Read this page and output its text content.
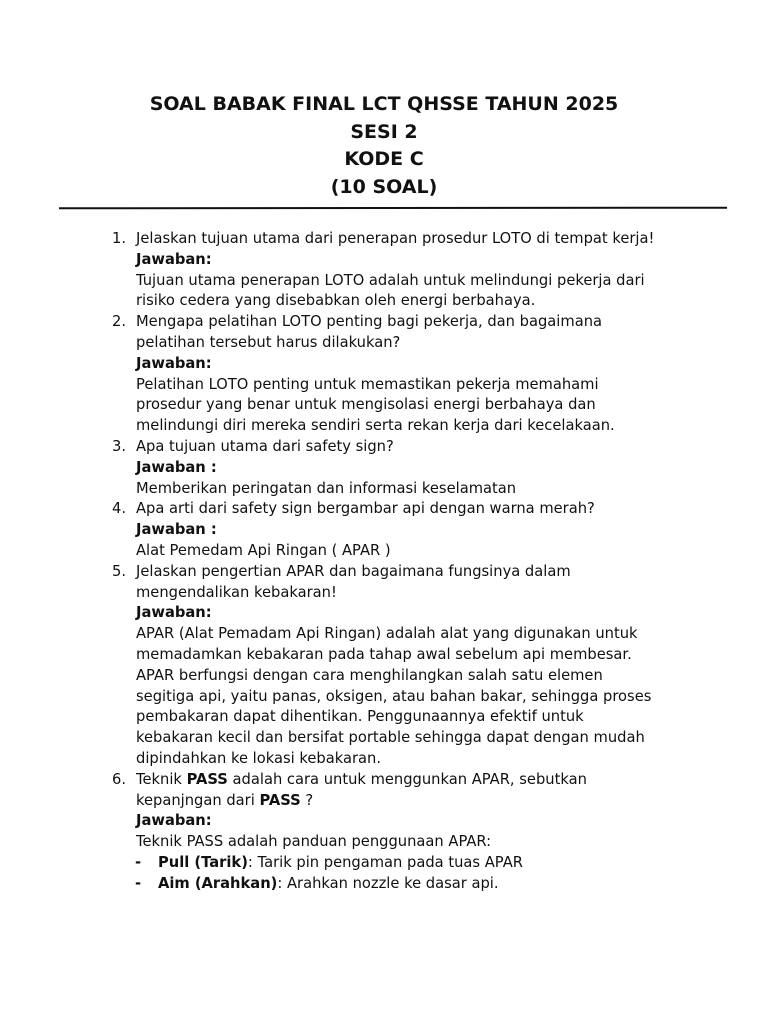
SOAL BABAK FINAL LCT QHSSE TAHUN 2025
SESI 2
KODE C
(10 SOAL)
1. Jelaskan tujuan utama dari penerapan prosedur LOTO di tempat kerja!
Jawaban:
Tujuan utama penerapan LOTO adalah untuk melindungi pekerja dari
risiko cedera yang disebabkan oleh energi berbahaya.
2. Mengapa pelatihan LOTO penting bagi pekerja, dan bagaimana
pelatihan tersebut harus dilakukan?
Jawaban:
Pelatihan LOTO penting untuk memastikan pekerja memahami
prosedur yang benar untuk mengisolasi energi berbahaya dan
melindungi diri mereka sendiri serta rekan kerja dari kecelakaan.
3. Apa tujuan utama dari safety sign?
Jawaban :
Memberikan peringatan dan informasi keselamatan
4. Apa arti dari safety sign bergambar api dengan warna merah?
Jawaban :
Alat Pemedam Api Ringan ( APAR )
5. Jelaskan pengertian APAR dan bagaimana fungsinya dalam
mengendalikan kebakaran!
Jawaban:
APAR (Alat Pemadam Api Ringan) adalah alat yang digunakan untuk
memadamkan kebakaran pada tahap awal sebelum api membesar.
APAR berfungsi dengan cara menghilangkan salah satu elemen
segitiga api, yaitu panas, oksigen, atau bahan bakar, sehingga proses
pembakaran dapat dihentikan. Penggunaannya efektif untuk
kebakaran kecil dan bersifat portable sehingga dapat dengan mudah
dipindahkan ke lokasi kebakaran.
6. Teknik PASS adalah cara untuk menggunkan APAR, sebutkan
kepanjngan dari PASS ?
Jawaban:
Teknik PASS adalah panduan penggunaan APAR:
- Pull (Tarik): Tarik pin pengaman pada tuas APAR
- Aim (Arahkan): Arahkan nozzle ke dasar api.
